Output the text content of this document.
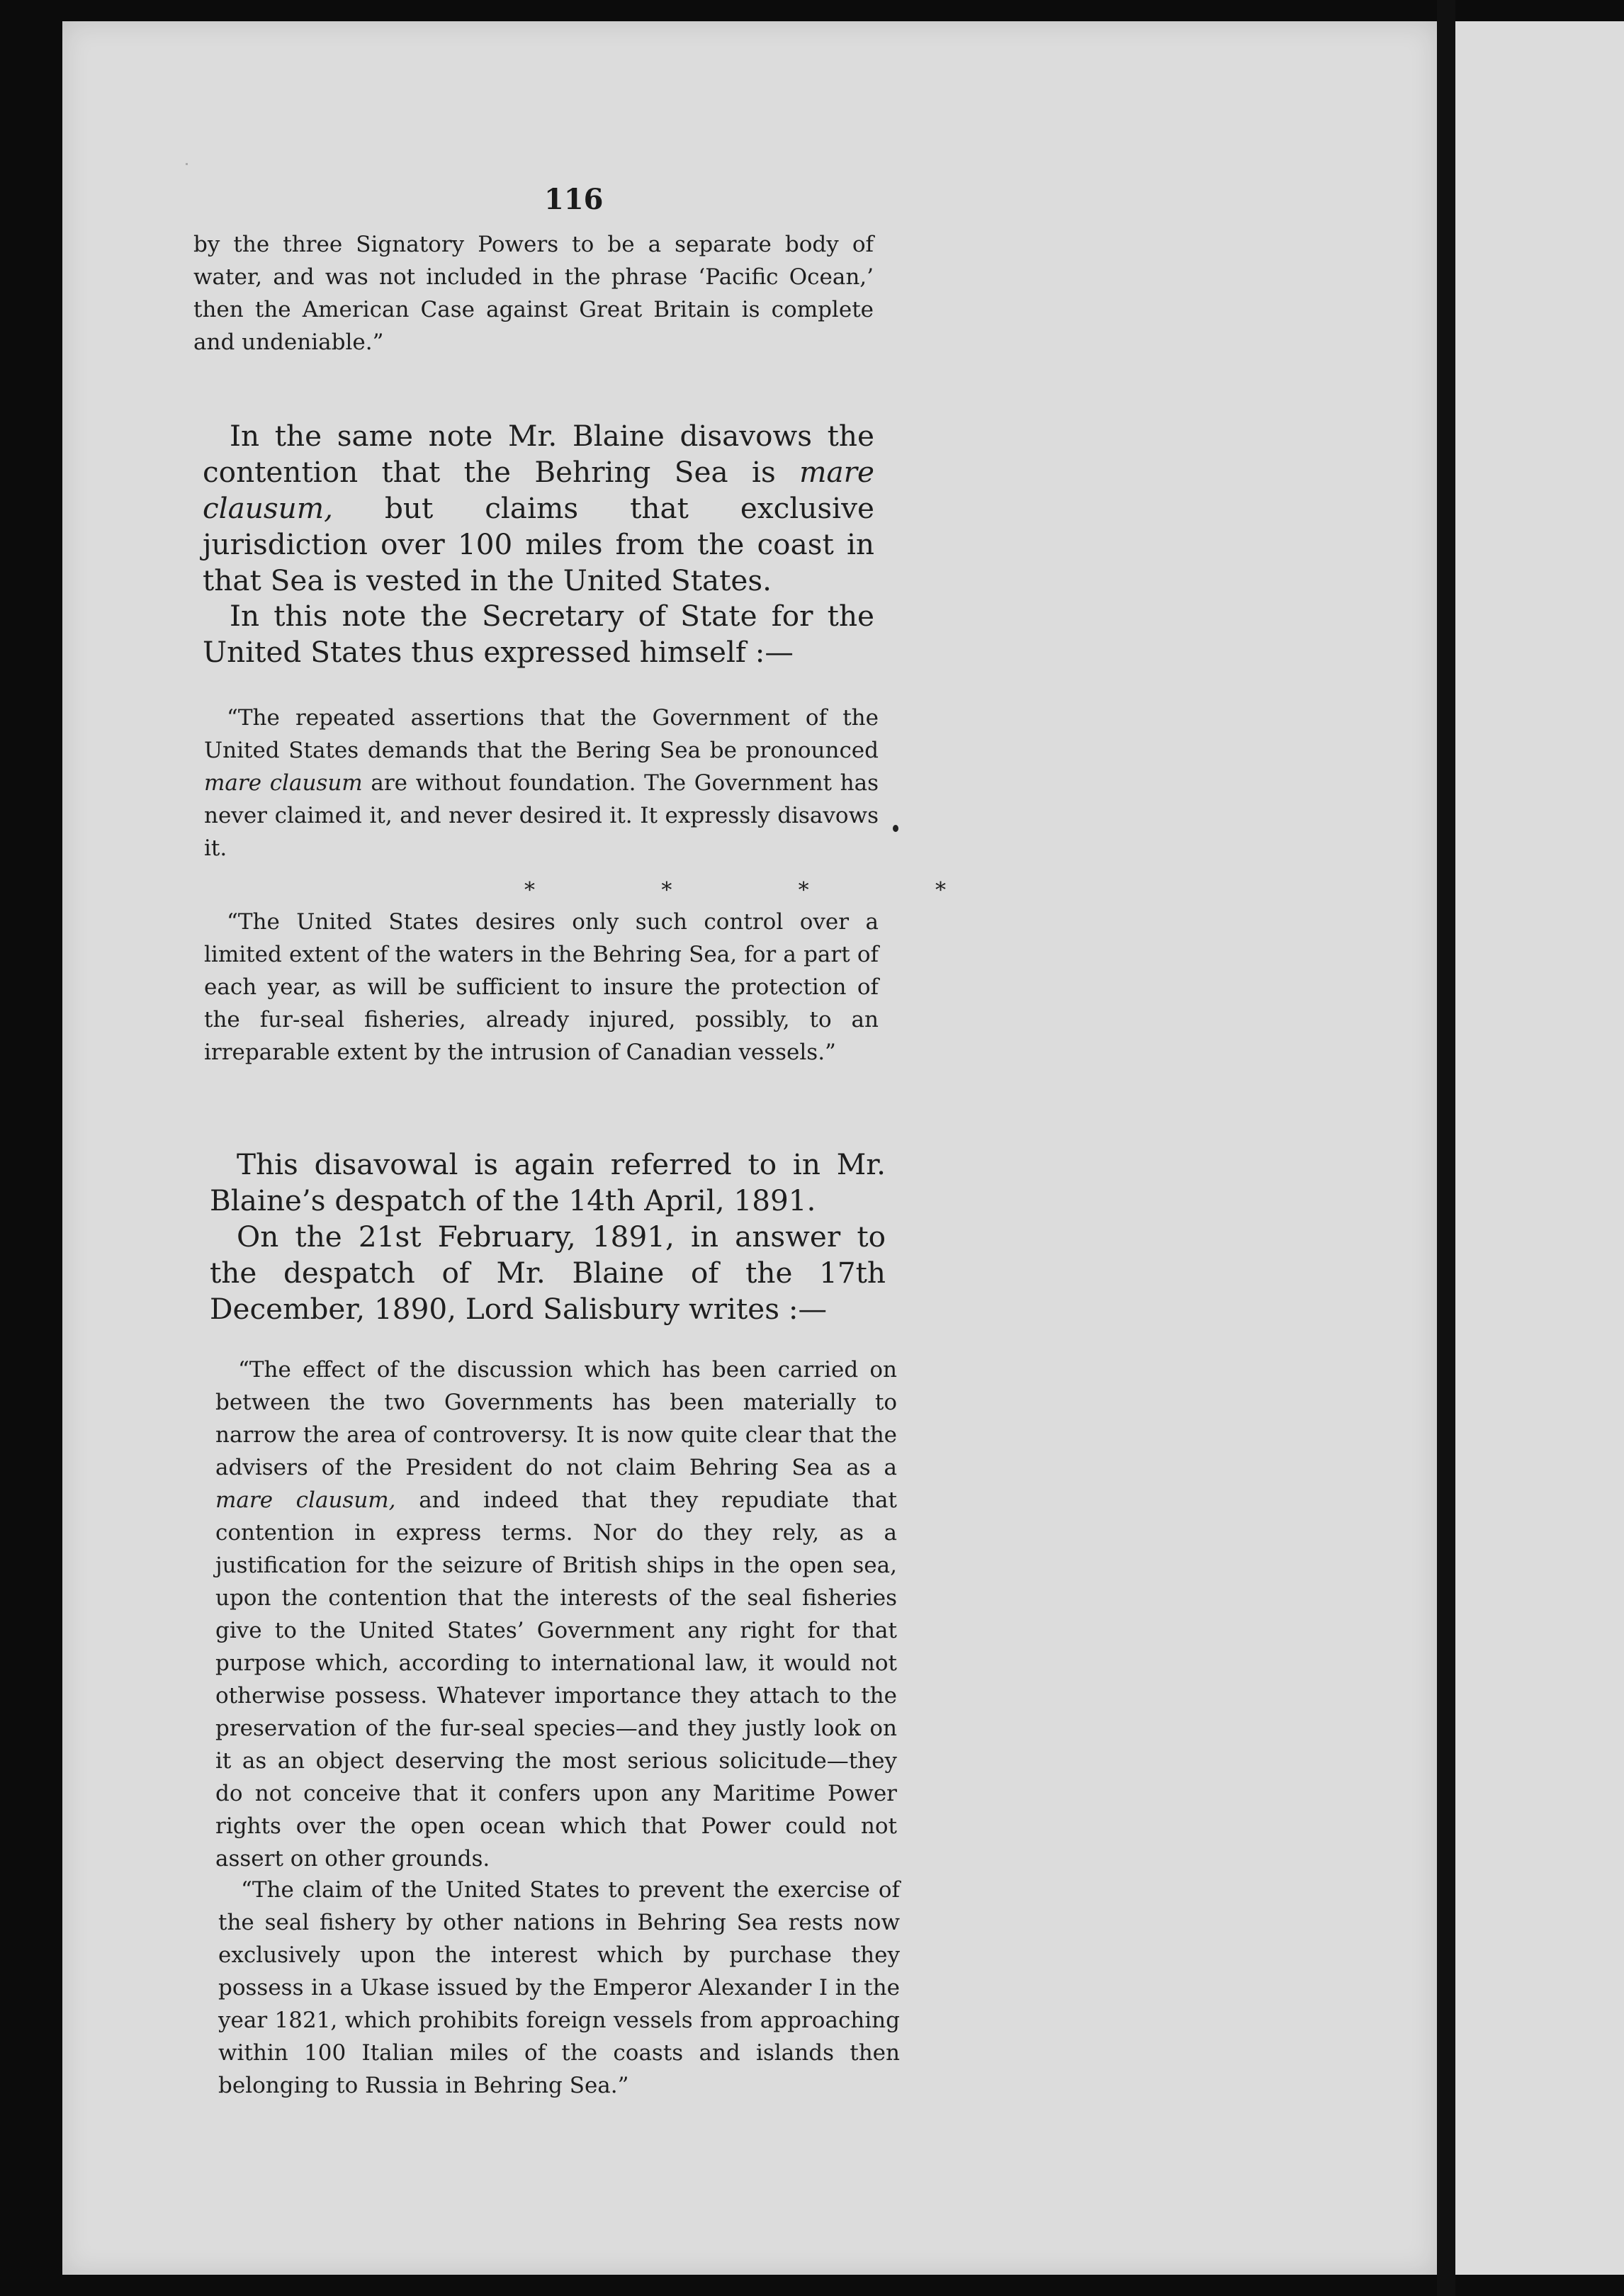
116
by the three Signatory Powers to be a separate body of water, and was not included in the phrase ‘Pacific Ocean,’ then the American Case against Great Britain is complete and undeniable.”
In the same note Mr. Blaine disavows the contention that the Behring Sea is mare clausum, but claims that exclusive jurisdiction over 100 miles from the coast in that Sea is vested in the United States.
In this note the Secretary of State for the United States thus expressed himself :—
“The repeated assertions that the Government of the United States demands that the Bering Sea be pronounced mare clausum are without foundation. The Government has never claimed it, and never desired it. It expressly disavows it.
*	*	*	*
“The United States desires only such control over a limited extent of the waters in the Behring Sea, for a part of each year, as will be sufficient to insure the protection of the fur-seal fisheries, already injured, possibly, to an irreparable extent by the intrusion of Canadian vessels.”
This disavowal is again referred to in Mr. Blaine’s despatch of the 14th April, 1891.
On the 21st February, 1891, in answer to the despatch of Mr. Blaine of the 17th December, 1890, Lord Salisbury writes :—
“The effect of the discussion which has been carried on between the two Governments has been materially to narrow the area of controversy. It is now quite clear that the advisers of the President do not claim Behring Sea as a mare clausum, and indeed that they repudiate that contention in express terms. Nor do they rely, as a justification for the seizure of British ships in the open sea, upon the contention that the interests of the seal fisheries give to the United States’ Government any right for that purpose which, according to international law, it would not otherwise possess. Whatever importance they attach to the preservation of the fur-seal species—and they justly look on it as an object deserving the most serious solicitude—they do not conceive that it confers upon any Maritime Power rights over the open ocean which that Power could not assert on other grounds.
“The claim of the United States to prevent the exercise of the seal fishery by other nations in Behring Sea rests now exclusively upon the interest which by purchase they possess in a Ukase issued by the Emperor Alexander I in the year 1821, which prohibits foreign vessels from approaching within 100 Italian miles of the coasts and islands then belonging to Russia in Behring Sea.”
